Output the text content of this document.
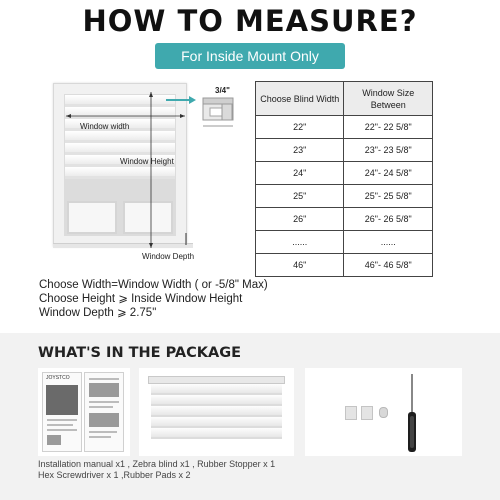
HOW TO MEASURE?
For Inside Mount Only
Window width
Window Height
Window Depth
3/4"
Choose Blind Width	Window Size Between
22"	22"- 22 5/8"
23"	23"- 23 5/8"
24"	24"- 24 5/8"
25"	25"- 25 5/8"
26"	26"- 26 5/8"
......	......
46"	46"- 46 5/8"
Choose Width=Window Width ( or -5/8" Max)
Choose Height ⩾ Inside Window Height
Window Depth ⩾ 2.75"
WHAT'S IN THE PACKAGE
JOYSTCO
Installation manual x1 , Zebra blind x1 , Rubber Stopper x 1
Hex Screwdriver x 1 ,Rubber Pads x 2
